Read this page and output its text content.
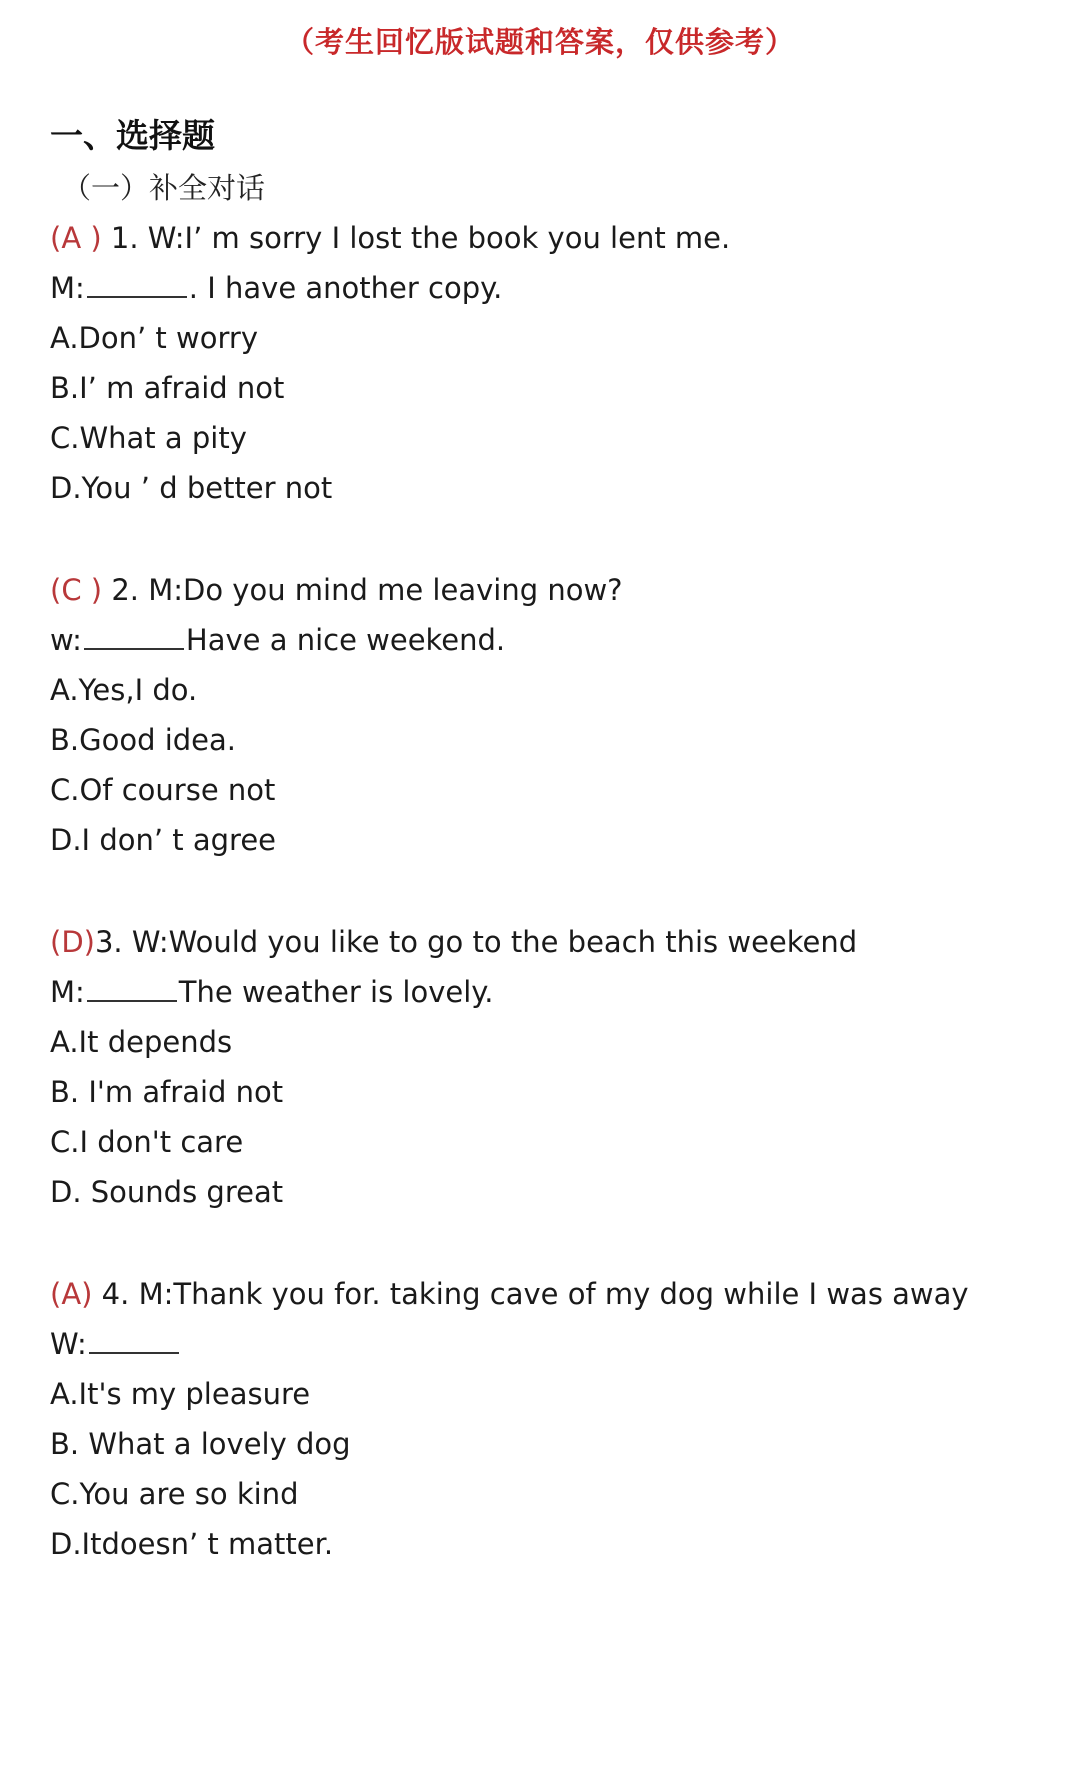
（考生回忆版试题和答案，仅供参考）
一、选择题
（一）补全对话
(A ) 1. W:I’ m sorry I lost the book you lent me.
M:	. I have another copy.
A.Don’ t worry
B.I’ m afraid not
C.What a pity
D.You ’ d better not
(C ) 2. M:Do you mind me leaving now?
w:	Have a nice weekend.
A.Yes,I do.
B.Good idea.
C.Of course not
D.I don’ t agree
(D)3. W:Would you like to go to the beach this weekend
M:	The weather is lovely.
A.It depends
B. I'm afraid not
C.I don't care
D. Sounds great
(A) 4. M:Thank you for. taking cave of my dog while I was away
W:
A.It's my pleasure
B. What a lovely dog
C.You are so kind
D.Itdoesn’ t matter.
